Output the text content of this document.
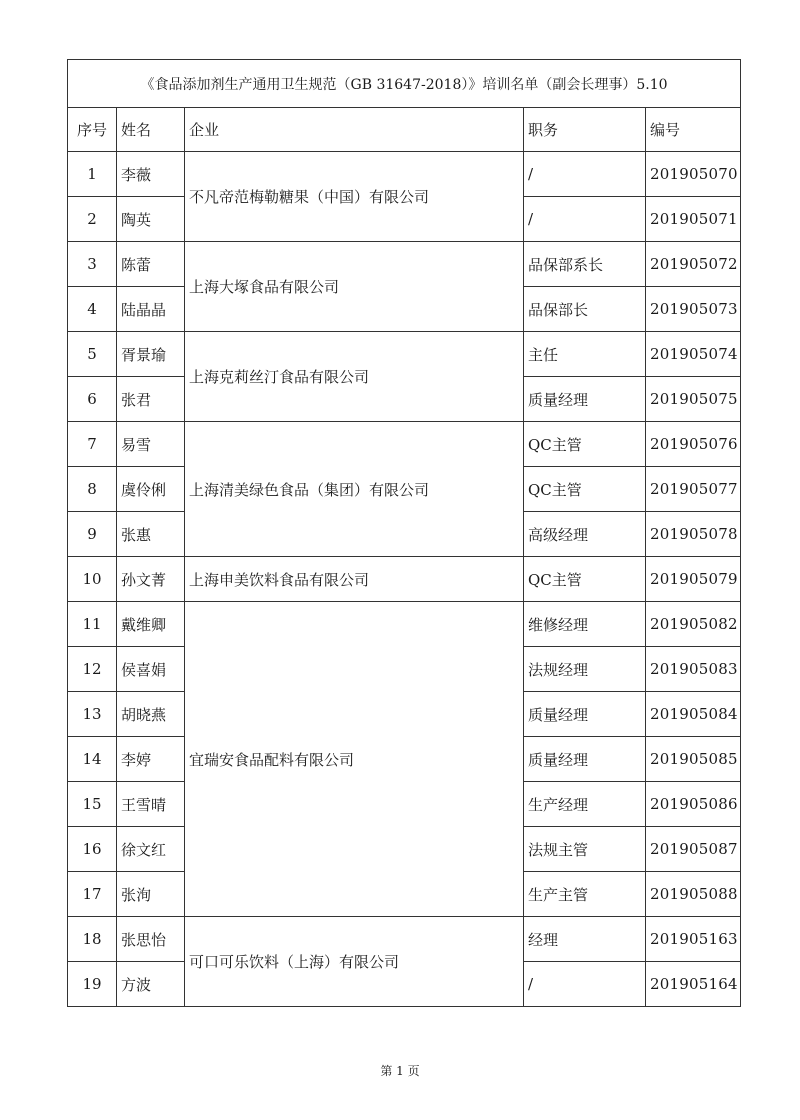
《食品添加剂生产通用卫生规范（GB 31647-2018）》培训名单（副会长理事）5.10				
序号	姓名	企业	职务	编号
1	李薇	不凡帝范梅勒糖果（中国）有限公司	/	201905070
2	陶英		/	201905071
3	陈蕾	上海大塚食品有限公司	品保部系长	201905072
4	陆晶晶		品保部长	201905073
5	胥景瑜	上海克莉丝汀食品有限公司	主任	201905074
6	张君		质量经理	201905075
7	易雪	上海清美绿色食品（集团）有限公司	QC主管	201905076
8	虞伶俐		QC主管	201905077
9	张惠		高级经理	201905078
10	孙文菁	上海申美饮料食品有限公司	QC主管	201905079
11	戴维卿	宜瑞安食品配料有限公司	维修经理	201905082
12	侯喜娟		法规经理	201905083
13	胡晓燕		质量经理	201905084
14	李婷		质量经理	201905085
15	王雪晴		生产经理	201905086
16	徐文红		法规主管	201905087
17	张洵		生产主管	201905088
18	张思怡	可口可乐饮料（上海）有限公司	经理	201905163
19	方波		/	201905164
第 1 页
